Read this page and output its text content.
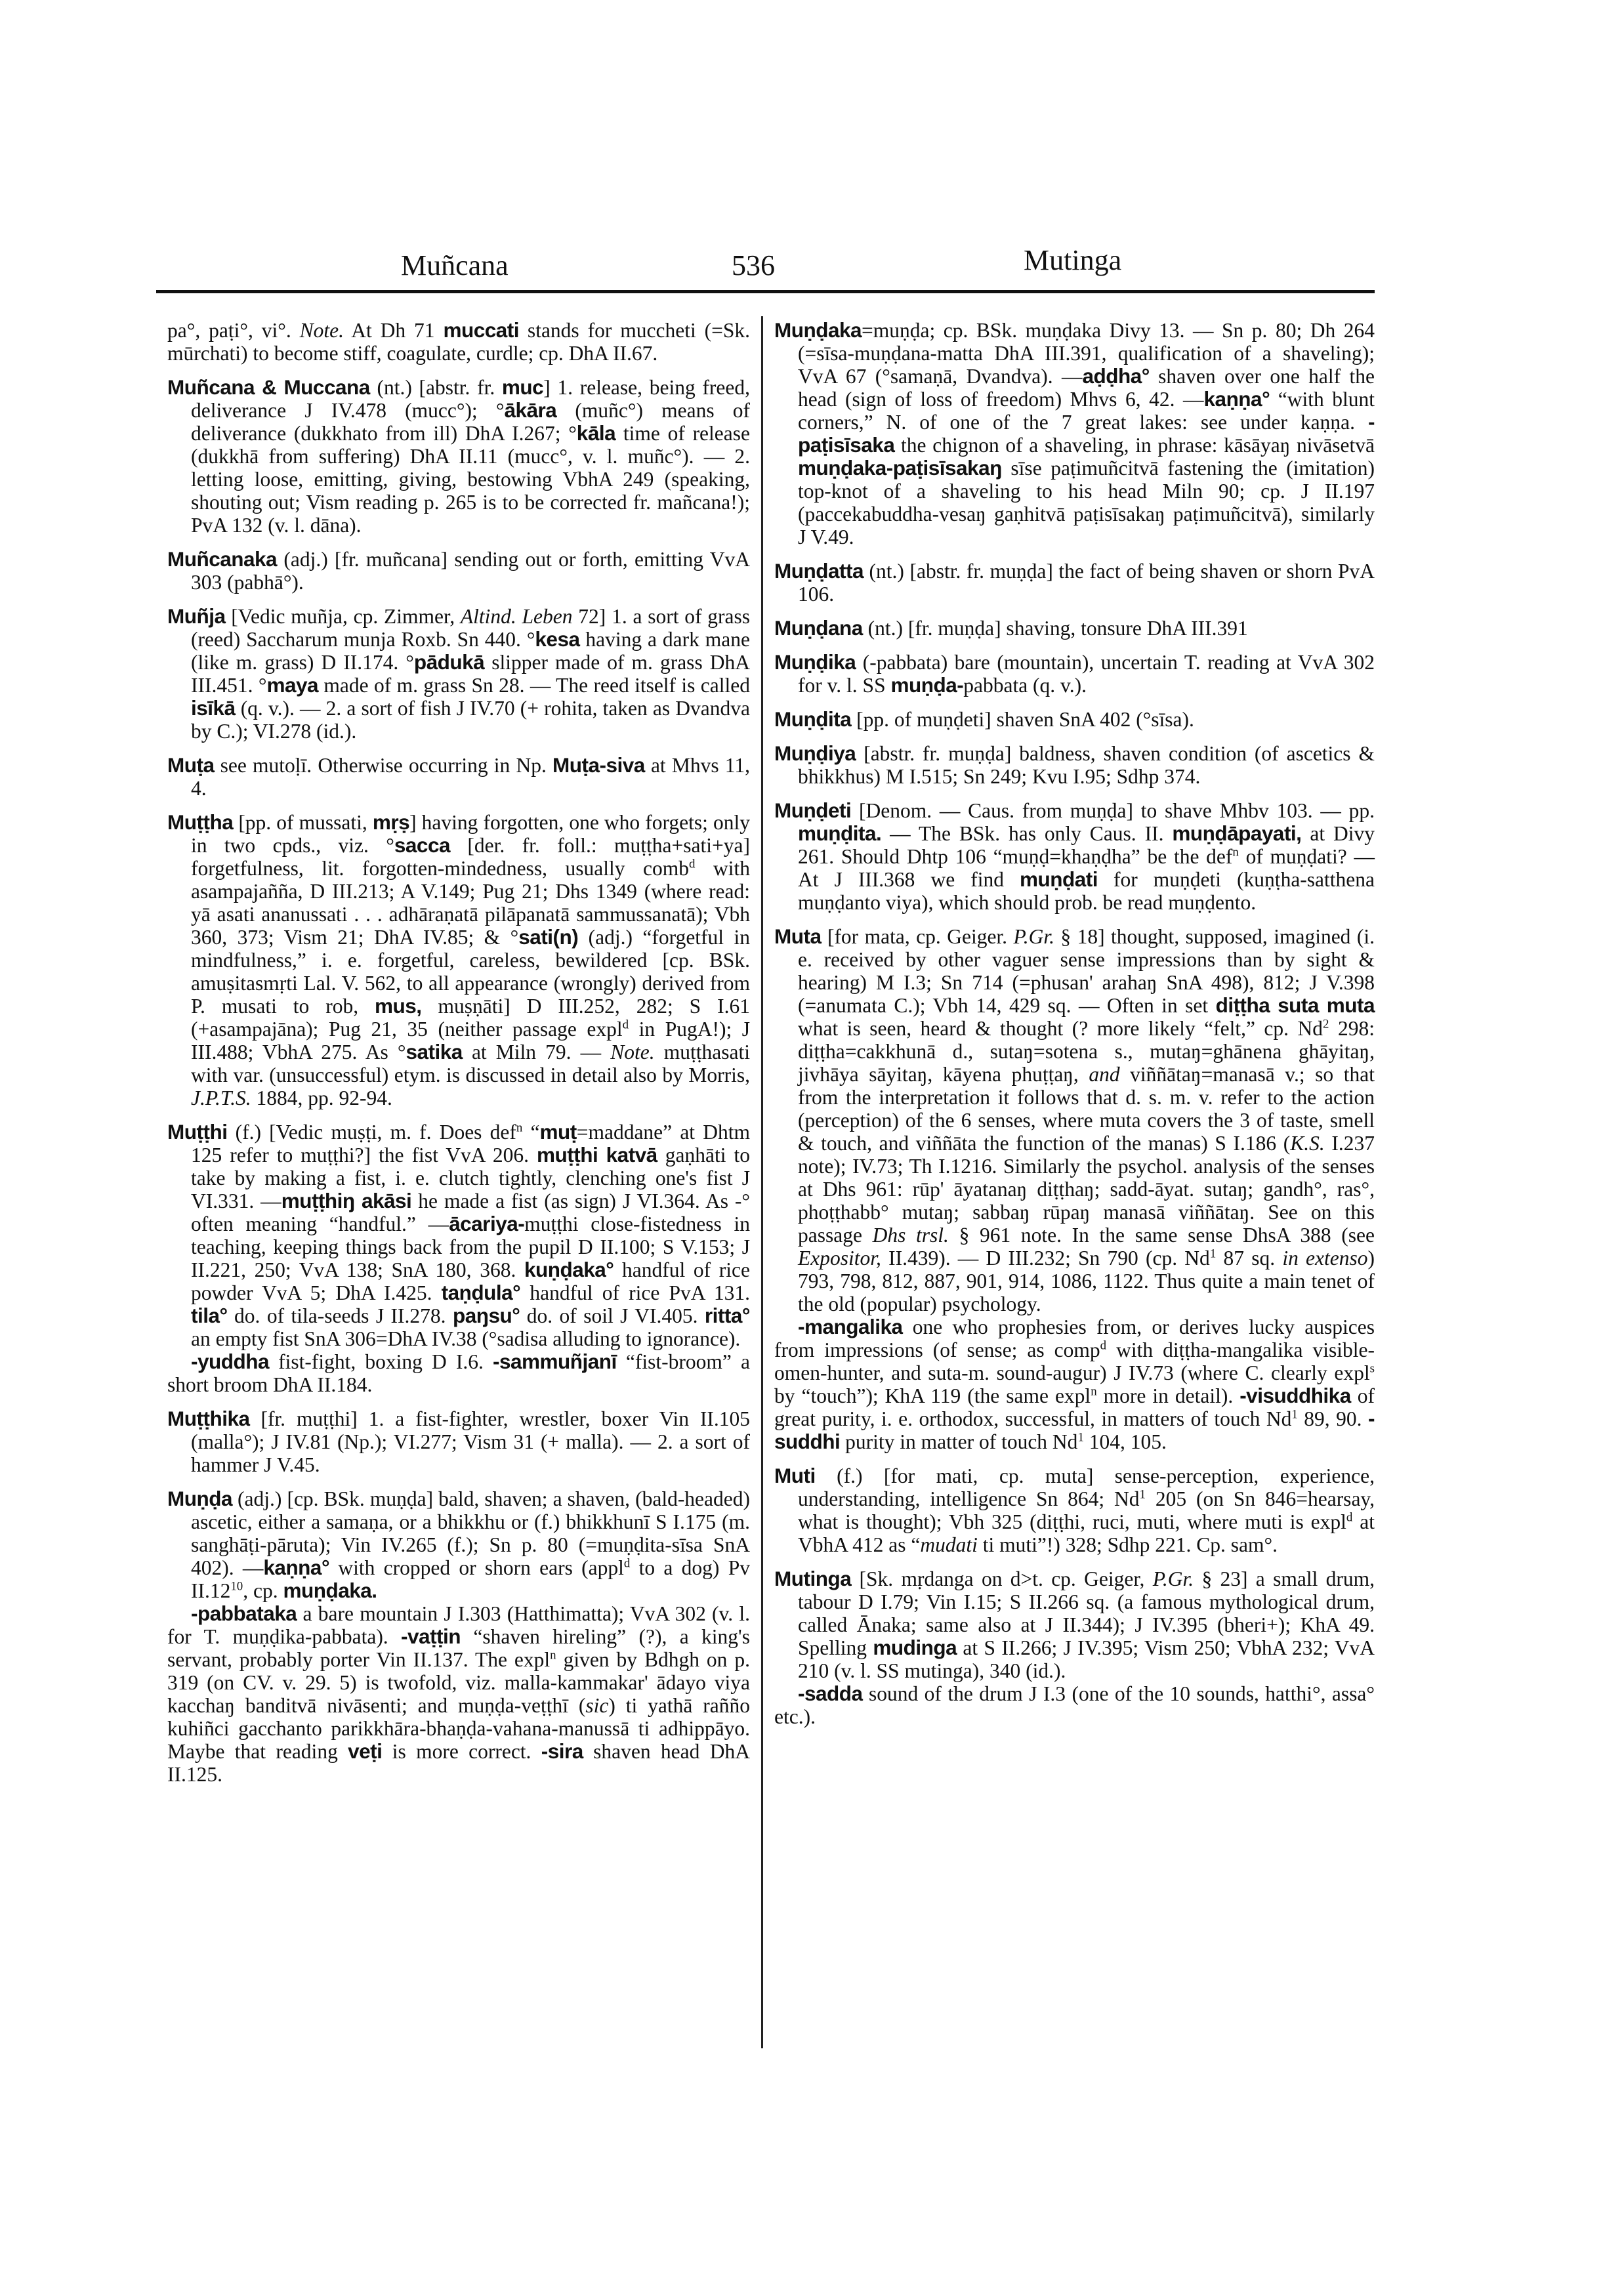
Muñcana	536	Mutinga

pa°, paṭi°, vi°. Note. At Dh 71 muccati stands for muccheti (=Sk. mūrchati) to become stiff, coagulate, curdle; cp. DhA II.67.

Muñcana & Muccana (nt.) [abstr. fr. muc] 1. release, being freed, deliverance J IV.478 (mucc°); °ākāra (muñc°) means of deliverance (dukkhato from ill) DhA I.267; °kāla time of release (dukkhā from suffering) DhA II.11 (mucc°, v. l. muñc°). — 2. letting loose, emitting, giving, bestowing VbhA 249 (speaking, shouting out; Vism reading p. 265 is to be corrected fr. mañcana!); PvA 132 (v. l. dāna).

Muñcanaka (adj.) [fr. muñcana] sending out or forth, emitting VvA 303 (pabhā°).

Muñja [Vedic muñja, cp. Zimmer, Altind. Leben 72] 1. a sort of grass (reed) Saccharum munja Roxb. Sn 440. °kesa having a dark mane (like m. grass) D II.174. °pādukā slipper made of m. grass DhA III.451. °maya made of m. grass Sn 28. — The reed itself is called isīkā (q. v.). — 2. a sort of fish J IV.70 (+ rohita, taken as Dvandva by C.); VI.278 (id.).

Muṭa see mutoḷī. Otherwise occurring in Np. Muṭa-siva at Mhvs 11, 4.

Muṭṭha [pp. of mussati, mṛṣ] having forgotten, one who forgets; only in two cpds., viz. °sacca [der. fr. foll.: muṭṭha+sati+ya] forgetfulness, lit. forgotten-mindedness, usually comb$^d$ with asampajañña, D III.213; A V.149; Pug 21; Dhs 1349 (where read: yā asati ananussati . . . adhāraṇatā pilāpanatā sammussanatā); Vbh 360, 373; Vism 21; DhA IV.85; & °sati(n) (adj.) “forgetful in mindfulness,” i. e. forgetful, careless, bewildered [cp. BSk. amuṣitasmṛti Lal. V. 562, to all appearance (wrongly) derived from P. musati to rob, mus, muṣṇāti] D III.252, 282; S I.61 (+asampajāna); Pug 21, 35 (neither passage expl$^d$ in PugA!); J III.488; VbhA 275. As °satika at Miln 79. — Note. muṭṭhasati with var. (unsuccessful) etym. is discussed in detail also by Morris, J.P.T.S. 1884, pp. 92-94.

Muṭṭhi (f.) [Vedic muṣṭi, m. f. Does def$^n$ “muṭ=maddane” at Dhtm 125 refer to muṭṭhi?] the fist VvA 206. muṭṭhi katvā gaṇhāti to take by making a fist, i. e. clutch tightly, clenching one's fist J VI.331. —muṭṭhiŋ akāsi he made a fist (as sign) J VI.364. As -° often meaning “handful.” —ācariya-muṭṭhi close-fistedness in teaching, keeping things back from the pupil D II.100; S V.153; J II.221, 250; VvA 138; SnA 180, 368. kuṇḍaka° handful of rice powder VvA 5; DhA I.425. taṇḍula° handful of rice PvA 131. tila° do. of tila-seeds J II.278. paŋsu° do. of soil J VI.405. ritta° an empty fist SnA 306=DhA IV.38 (°sadisa alluding to ignorance).

-yuddha fist-fight, boxing D I.6. -sammuñjanī “fist-broom” a short broom DhA II.184.

Muṭṭhika [fr. muṭṭhi] 1. a fist-fighter, wrestler, boxer Vin II.105 (malla°); J IV.81 (Np.); VI.277; Vism 31 (+ malla). — 2. a sort of hammer J V.45.

Muṇḍa (adj.) [cp. BSk. muṇḍa] bald, shaven; a shaven, (bald-headed) ascetic, either a samaṇa, or a bhikkhu or (f.) bhikkhunī S I.175 (m. sanghāṭi-pāruta); Vin IV.265 (f.); Sn p. 80 (=muṇḍita-sīsa SnA 402). —kaṇṇa° with cropped or shorn ears (appl$^d$ to a dog) Pv $II.12^{10}$, cp. muṇḍaka.

-pabbataka a bare mountain J I.303 (Hatthimatta); VvA 302 (v. l. for T. muṇḍika-pabbata). -vaṭṭin “shaven hireling” (?), a king's servant, probably porter Vin II.137. The expl$^n$ given by Bdhgh on p. 319 (on CV. v. 29. 5) is twofold, viz. malla-kammakar' ādayo viya kacchaŋ banditvā nivāsenti; and muṇḍa-veṭṭhī (sic) ti yathā rañño kuhiñci gacchanto parikkhāra-bhaṇḍa-vahana-manussā ti adhippāyo. Maybe that reading veṭi is more correct. -sira shaven head DhA II.125.

Muṇḍaka=muṇḍa; cp. BSk. muṇḍaka Divy 13. — Sn p. 80; Dh 264 (=sīsa-muṇḍana-matta DhA III.391, qualification of a shaveling); VvA 67 (°samaṇā, Dvandva). —aḍḍha° shaven over one half the head (sign of loss of freedom) Mhvs 6, 42. —kaṇṇa° “with blunt corners,” N. of one of the 7 great lakes: see under kaṇṇa. -paṭisīsaka the chignon of a shaveling, in phrase: kāsāyaŋ nivāsetvā muṇḍaka-paṭisīsakaŋ sīse paṭimuñcitvā fastening the (imitation) top-knot of a shaveling to his head Miln 90; cp. J II.197 (paccekabuddha-vesaŋ gaṇhitvā paṭisīsakaŋ paṭimuñcitvā), similarly J V.49.

Muṇḍatta (nt.) [abstr. fr. muṇḍa] the fact of being shaven or shorn PvA 106.

Muṇḍana (nt.) [fr. muṇḍa] shaving, tonsure DhA III.391

Muṇḍika (-pabbata) bare (mountain), uncertain T. reading at VvA 302 for v. l. SS muṇḍa-pabbata (q. v.).

Muṇḍita [pp. of muṇḍeti] shaven SnA 402 (°sīsa).

Muṇḍiya [abstr. fr. muṇḍa] baldness, shaven condition (of ascetics & bhikkhus) M I.515; Sn 249; Kvu I.95; Sdhp 374.

Muṇḍeti [Denom. — Caus. from muṇḍa] to shave Mhbv 103. — pp. muṇḍita. — The BSk. has only Caus. II. muṇḍāpayati, at Divy 261. Should Dhtp 106 “muṇḍ=khaṇḍha” be the def$^n$ of muṇḍati? — At J III.368 we find muṇḍati for muṇḍeti (kuṇṭha-satthena muṇḍanto viya), which should prob. be read muṇḍento.

Muta [for mata, cp. Geiger. P.Gr. § 18] thought, supposed, imagined (i. e. received by other vaguer sense impressions than by sight & hearing) M I.3; Sn 714 (=phusan' arahaŋ SnA 498), 812; J V.398 (=anumata C.); Vbh 14, 429 sq. — Often in set diṭṭha suta muta what is seen, heard & thought (? more likely “felt,” cp. Nd$^2$ 298: diṭṭha=cakkhunā d., sutaŋ=sotena s., mutaŋ=ghānena ghāyitaŋ, jivhāya sāyitaŋ, kāyena phuṭṭaŋ, and viññātaŋ=manasā v.; so that from the interpretation it follows that d. s. m. v. refer to the action (perception) of the 6 senses, where muta covers the 3 of taste, smell & touch, and viññāta the function of the manas) S I.186 (K.S. I.237 note); IV.73; Th I.1216. Similarly the psychol. analysis of the senses at Dhs 961: rūp' āyatanaŋ diṭṭhaŋ; sadd-āyat. sutaŋ; gandh°, ras°, phoṭṭhabb° mutaŋ; sabbaŋ rūpaŋ manasā viññātaŋ. See on this passage Dhs trsl. § 961 note. In the same sense DhsA 388 (see Expositor, II.439). — D III.232; Sn 790 (cp. Nd$^1$ 87 sq. in extenso) 793, 798, 812, 887, 901, 914, 1086, 1122. Thus quite a main tenet of the old (popular) psychology.

-mangalika one who prophesies from, or derives lucky auspices from impressions (of sense; as comp$^d$ with diṭṭha-mangalika visible-omen-hunter, and suta-m. sound-augur) J IV.73 (where C. clearly expl$^s$ by “touch”); KhA 119 (the same expl$^n$ more in detail). -visuddhika of great purity, i. e. orthodox, successful, in matters of touch Nd$^1$ 89, 90. -suddhi purity in matter of touch Nd$^1$ 104, 105.

Muti (f.) [for mati, cp. muta] sense-perception, experience, understanding, intelligence Sn 864; Nd$^1$ 205 (on Sn 846=hearsay, what is thought); Vbh 325 (diṭṭhi, ruci, muti, where muti is expl$^d$ at VbhA 412 as “mudati ti muti”!) 328; Sdhp 221. Cp. sam°.

Mutinga [Sk. mṛdanga on d>t. cp. Geiger, P.Gr. § 23] a small drum, tabour D I.79; Vin I.15; S II.266 sq. (a famous mythological drum, called Ānaka; same also at J II.344); J IV.395 (bheri+); KhA 49. Spelling mudinga at S II.266; J IV.395; Vism 250; VbhA 232; VvA 210 (v. l. SS mutinga), 340 (id.).

-sadda sound of the drum J I.3 (one of the 10 sounds, hatthi°, assa° etc.).
